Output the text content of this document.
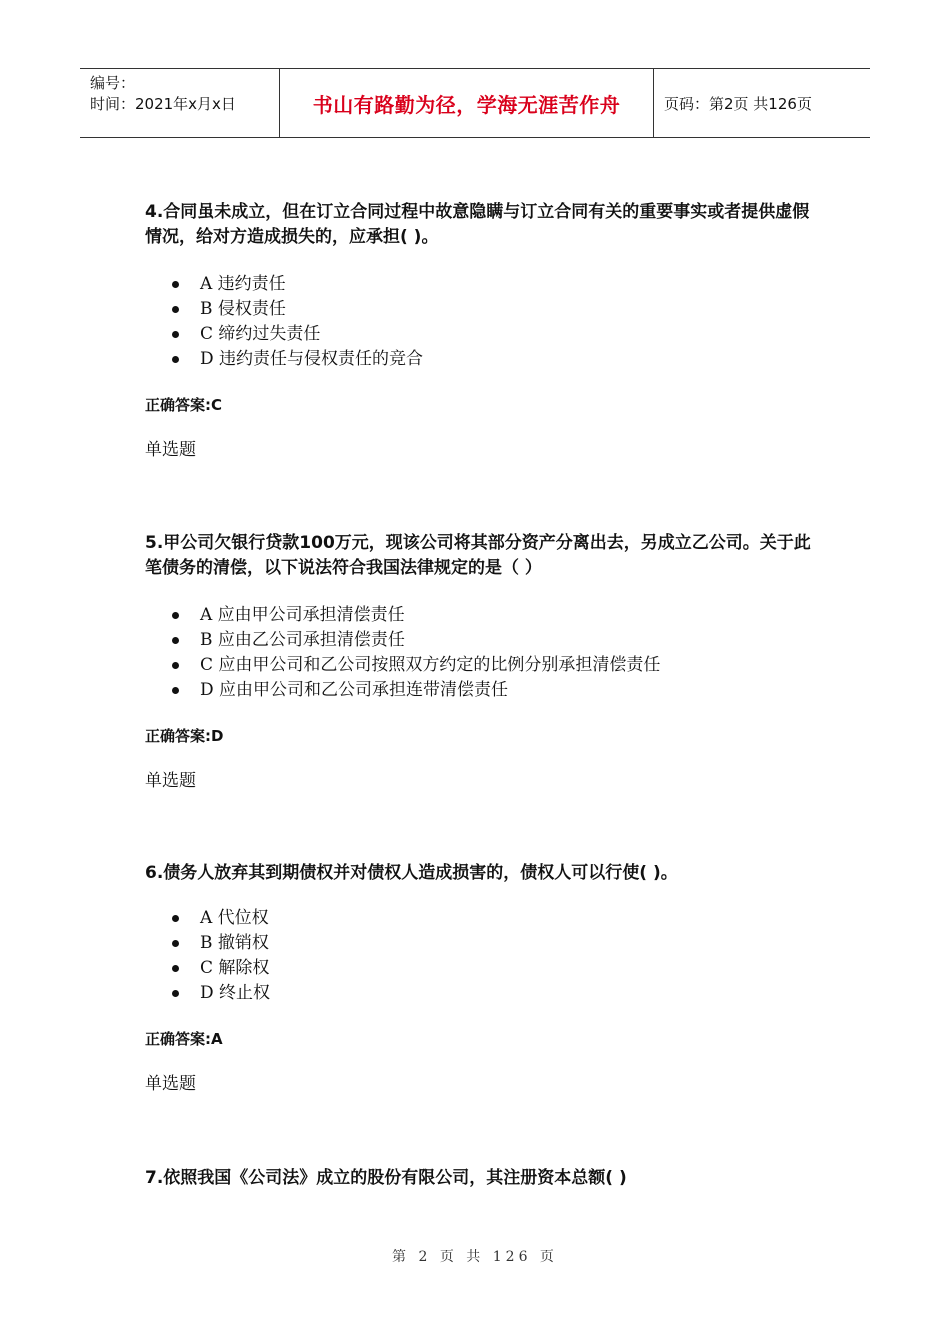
编号：
时间：2021年x月x日	书山有路勤为径，学海无涯苦作舟	页码：第2页 共126页

4.合同虽未成立，但在订立合同过程中故意隐瞒与订立合同有关的重要事实或者提供虚假情况，给对方造成损失的，应承担( )。

A 违约责任
B 侵权责任
C 缔约过失责任
D 违约责任与侵权责任的竞合
正确答案:C
单选题

5.甲公司欠银行贷款100万元，现该公司将其部分资产分离出去，另成立乙公司。关于此笔债务的清偿，以下说法符合我国法律规定的是（ ）

A 应由甲公司承担清偿责任
B 应由乙公司承担清偿责任
C 应由甲公司和乙公司按照双方约定的比例分别承担清偿责任
D 应由甲公司和乙公司承担连带清偿责任
正确答案:D
单选题

6.债务人放弃其到期债权并对债权人造成损害的，债权人可以行使( )。

A 代位权
B 撤销权
C 解除权
D 终止权
正确答案:A
单选题

7.依照我国《公司法》成立的股份有限公司，其注册资本总额( )

第 2 页 共 126 页
